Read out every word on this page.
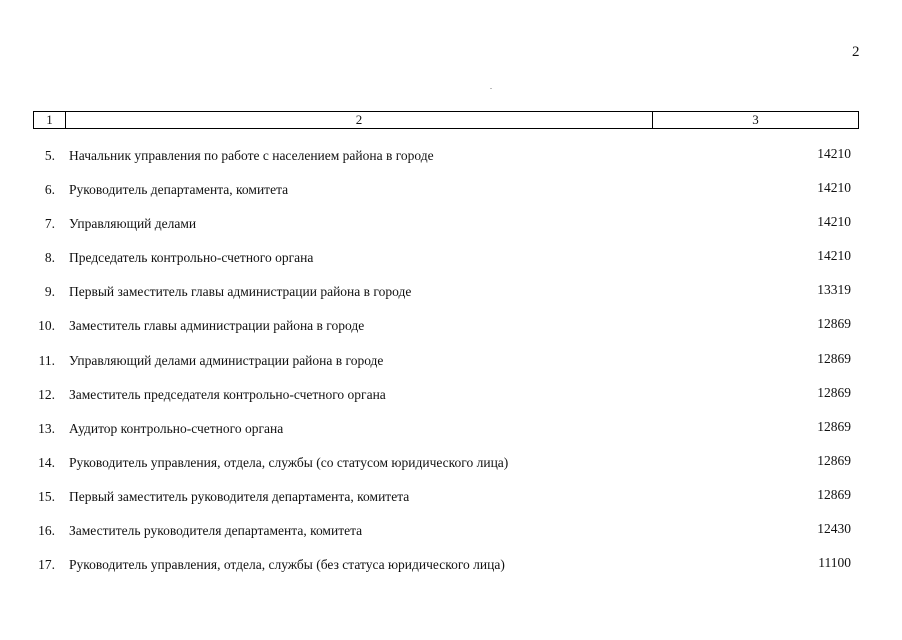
2
1	2	3
5. Начальник управления по работе с населением района в городе	14210
6. Руководитель департамента, комитета	14210
7. Управляющий делами	14210
8. Председатель контрольно-счетного органа	14210
9. Первый заместитель главы администрации района в городе	13319
10. Заместитель главы администрации района в городе	12869
11. Управляющий делами администрации района в городе	12869
12. Заместитель председателя контрольно-счетного органа	12869
13. Аудитор контрольно-счетного органа	12869
14. Руководитель управления, отдела, службы (со статусом юридического лица)	12869
15. Первый заместитель руководителя департамента, комитета	12869
16. Заместитель руководителя департамента, комитета	12430
17. Руководитель управления, отдела, службы (без статуса юридического лица)	11100
